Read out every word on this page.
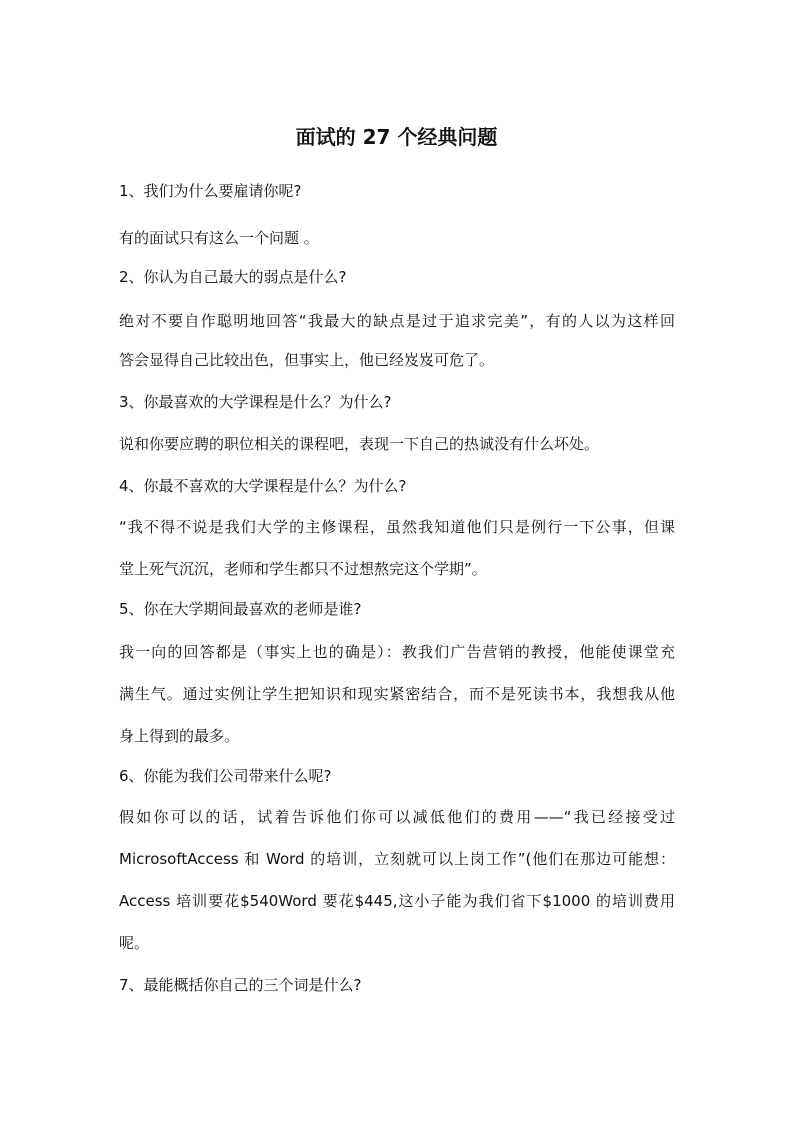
面试的 27 个经典问题

1、我们为什么要雇请你呢?

有的面试只有这么一个问题 。

2、你认为自己最大的弱点是什么?

绝对不要自作聪明地回答“我最大的缺点是过于追求完美”，有的人以为这样回

答会显得自己比较出色，但事实上，他已经岌岌可危了。

3、你最喜欢的大学课程是什么？为什么?

说和你要应聘的职位相关的课程吧，表现一下自己的热诚没有什么坏处。

4、你最不喜欢的大学课程是什么？为什么?

“我不得不说是我们大学的主修课程，虽然我知道他们只是例行一下公事，但课

堂上死气沉沉，老师和学生都只不过想熬完这个学期”。

5、你在大学期间最喜欢的老师是谁?

我一向的回答都是（事实上也的确是）：教我们广告营销的教授，他能使课堂充

满生气。通过实例让学生把知识和现实紧密结合，而不是死读书本，我想我从他

身上得到的最多。

6、你能为我们公司带来什么呢?

假如你可以的话，试着告诉他们你可以减低他们的费用——“我已经接受过

MicrosoftAccess 和 Word 的培训，立刻就可以上岗工作”(他们在那边可能想：

Access 培训要花$540Word 要花$445,这小子能为我们省下$1000 的培训费用

呢。

7、最能概括你自己的三个词是什么?
